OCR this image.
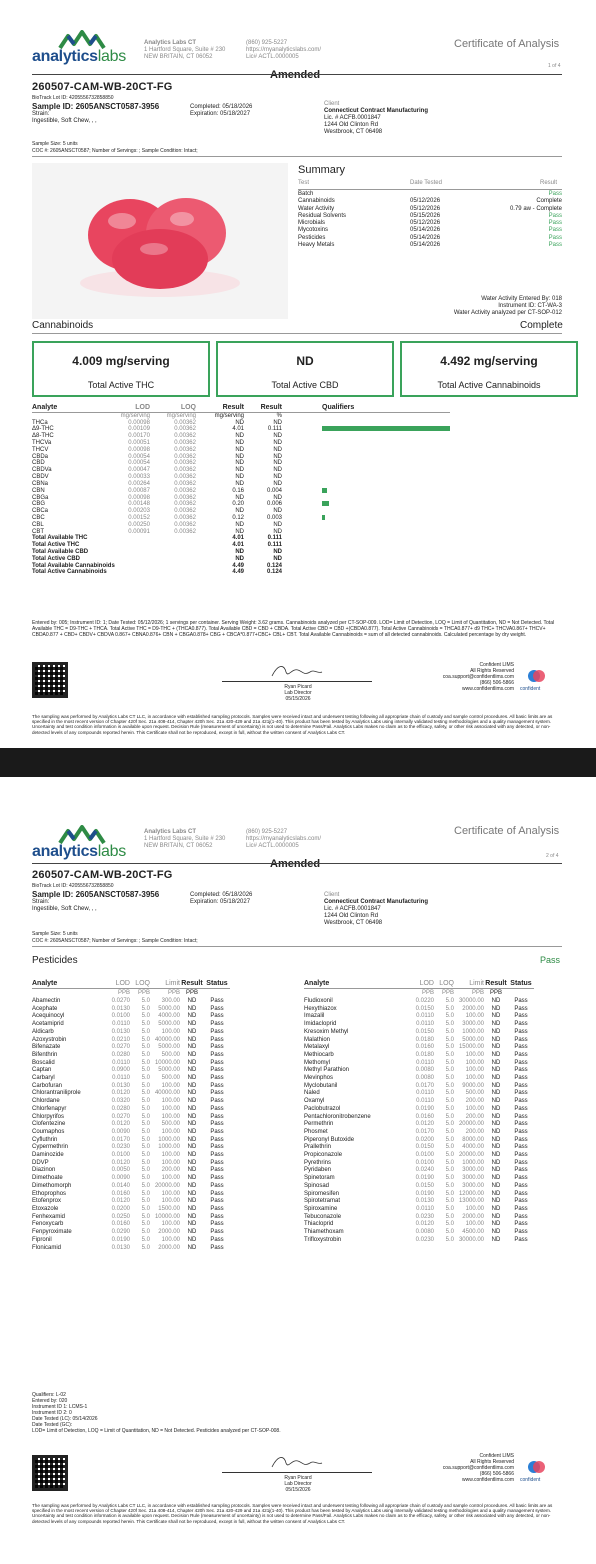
analyticslabs
Analytics Labs CT
1 Hartford Square, Suite # 230
NEW BRITAIN, CT 06052
(860) 925-5227
https://myanalyticslabs.com/
Lic# ACTL.0000005
Certificate of Analysis
1 of 4
Amended
260507-CAM-WB-20CT-FG
BioTrack Lot ID: 4205556732858850
Sample ID: 2605ANSCT0587-3956	Completed: 05/18/2026
Expiration: 05/18/2027
Strain:
Ingestible, Soft Chew, , ,
Client
Connecticut Contract Manufacturing
Lic. # ACFB.0001847
1244 Old Clinton Rd
Westbrook, CT 06498
Sample Size: 5 units
COC #: 2605ANSCT0587; Number of Servings: ; Sample Condition: Intact;
Summary
Test	Date Tested	Result
Batch		Pass
Cannabinoids	05/12/2026	Complete
Water Activity	05/12/2026	0.79 aw - Complete
Residual Solvents	05/15/2026	Pass
Microbials	05/12/2026	Pass
Mycotoxins	05/14/2026	Pass
Pesticides	05/14/2026	Pass
Heavy Metals	05/14/2026	Pass
Water Activity Entered By: 018
Instrument ID: CT-WA-3
Water Activity analyzed per CT-SOP-012
Cannabinoids	Complete
4.009 mg/serving
Total Active THC
ND
Total Active CBD
4.492 mg/serving
Total Active Cannabinoids
Analyte	LOD	LOQ	Result	Result	Qualifiers
	mg/serving	mg/serving	mg/serving	%	
THCa	0.00098	0.00362	ND	ND	
Δ9-THC	0.00109	0.00362	4.01	0.111	
Δ8-THC	0.00170	0.00362	ND	ND	
THCVa	0.00051	0.00362	ND	ND	
THCV	0.00098	0.00362	ND	ND	
CBDa	0.00054	0.00362	ND	ND	
CBD	0.00054	0.00362	ND	ND	
CBDVa	0.00047	0.00362	ND	ND	
CBDV	0.00033	0.00362	ND	ND	
CBNa	0.00264	0.00362	ND	ND	
CBN	0.00087	0.00362	0.16	0.004	
CBGa	0.00098	0.00362	ND	ND	
CBG	0.00148	0.00362	0.20	0.006	
CBCa	0.00203	0.00362	ND	ND	
CBC	0.00152	0.00362	0.12	0.003	
CBL	0.00250	0.00362	ND	ND	
CBT	0.00091	0.00362	ND	ND	
Total Available THC			4.01	0.111	
Total Active THC			4.01	0.111	
Total Available CBD			ND	ND	
Total Active CBD			ND	ND	
Total Available Cannabinoids			4.49	0.124	
Total Active Cannabinoids			4.49	0.124	
Entered by: 005; Instrument ID: 1; Date Tested: 05/12/2026; 1 servings per container. Serving Weight: 3.62 grams. Cannabinoids analyzed per CT-SOP-009. LOD= Limit of Detection, LOQ = Limit of Quantitation, ND = Not Detected. Total Available THC = D9-THC + THCA. Total Active THC = D9-THC + (THCA0.877). Total Available CBD = CBD + CBDA. Total Active CBD = CBD +(CBDA0.877). Total Active Cannabinoids = THCA0.877+ d9 THC+ THCVA0.867+ THCV+ CBDA0.877 + CBD+ CBDV+ CBDVA 0.867+ CBNA0.876+ CBN + CBGA0.878+ CBG + CBCA*0.877+CBC+ CBL+ CBT. Total Available Cannabinoids = sum of all detected cannabinoids. Calculated percentage by dry weight.
Ryan Picard
Lab Director
05/15/2026
Confident LIMS
All Rights Reserved
coa.support@confidentlims.com
(866) 506-5866
www.confidentlims.com confident
The sampling was performed by Analytics Labs CT LLC, in accordance with established sampling protocols. Samples were received intact and underwent testing following all appropriate chain of custody and sample control procedures. All basic limits are as specified in the most recent version of Chapter 420f Sec. 21a 408-414, Chapter 420h Sec. 21a 420-429 and 21a 421j(1-40). This product has been tested by Analytics Labs using internally validated testing methodologies and a quality management system. Uncertainty and test condition information is available upon request. Decision Rule (measurement of uncertainty) is not used to determine Pass/Fail. Analytics Labs makes no claim as to the efficacy, safety, or other risk associated with any detected, or non-detected levels of any compounds reported herein. This Certificate shall not be reproduced, except in full, without the written consent of Analytics Labs CT.
analyticslabs
Analytics Labs CT
1 Hartford Square, Suite # 230
NEW BRITAIN, CT 06052
(860) 925-5227
https://myanalyticslabs.com/
Lic# ACTL.0000005
Certificate of Analysis
2 of 4
Amended
260507-CAM-WB-20CT-FG
BioTrack Lot ID: 4205556732858850
Sample ID: 2605ANSCT0587-3956	Completed: 05/18/2026
Expiration: 05/18/2027
Strain:
Ingestible, Soft Chew, , ,
Client
Connecticut Contract Manufacturing
Lic. # ACFB.0001847
1244 Old Clinton Rd
Westbrook, CT 06498
Sample Size: 5 units
COC #: 2605ANSCT0587; Number of Servings: ; Sample Condition: Intact;
Pesticides	Pass
Analyte	LOD	LOQ	Limit	Result	Status
	PPB	PPB	PPB	PPB	
Abamectin	0.0270	5.0	300.00	ND	Pass
Acephate	0.0130	5.0	5000.00	ND	Pass
Acequinocyl	0.0100	5.0	4000.00	ND	Pass
Acetamiprid	0.0110	5.0	5000.00	ND	Pass
Aldicarb	0.0130	5.0	100.00	ND	Pass
Azoxystrobin	0.0210	5.0	40000.00	ND	Pass
Bifenazate	0.0270	5.0	5000.00	ND	Pass
Bifenthrin	0.0280	5.0	500.00	ND	Pass
Boscalid	0.0110	5.0	10000.00	ND	Pass
Captan	0.0900	5.0	5000.00	ND	Pass
Carbaryl	0.0110	5.0	500.00	ND	Pass
Carbofuran	0.0130	5.0	100.00	ND	Pass
Chlorantraniliprole	0.0120	5.0	40000.00	ND	Pass
Chlordane	0.0320	5.0	100.00	ND	Pass
Chlorfenapyr	0.0280	5.0	100.00	ND	Pass
Chlorpyrifos	0.0270	5.0	100.00	ND	Pass
Clofentezine	0.0120	5.0	500.00	ND	Pass
Coumaphos	0.0090	5.0	100.00	ND	Pass
Cyfluthrin	0.0170	5.0	1000.00	ND	Pass
Cypermethrin	0.0230	5.0	1000.00	ND	Pass
Daminozide	0.0100	5.0	100.00	ND	Pass
DDVP	0.0120	5.0	100.00	ND	Pass
Diazinon	0.0050	5.0	200.00	ND	Pass
Dimethoate	0.0090	5.0	100.00	ND	Pass
Dimethomorph	0.0140	5.0	20000.00	ND	Pass
Ethoprophos	0.0160	5.0	100.00	ND	Pass
Etofenprox	0.0120	5.0	100.00	ND	Pass
Etoxazole	0.0200	5.0	1500.00	ND	Pass
Fenhexamid	0.0250	5.0	10000.00	ND	Pass
Fenoxycarb	0.0160	5.0	100.00	ND	Pass
Fenpyroximate	0.0290	5.0	2000.00	ND	Pass
Fipronil	0.0190	5.0	100.00	ND	Pass
Flonicamid	0.0130	5.0	2000.00	ND	Pass
Analyte	LOD	LOQ	Limit	Result	Status
	PPB	PPB	PPB	PPB	
Fludioxonil	0.0220	5.0	30000.00	ND	Pass
Hexythiazox	0.0150	5.0	2000.00	ND	Pass
Imazalil	0.0110	5.0	100.00	ND	Pass
Imidacloprid	0.0110	5.0	3000.00	ND	Pass
Kresoxim Methyl	0.0150	5.0	1000.00	ND	Pass
Malathion	0.0180	5.0	5000.00	ND	Pass
Metalaxyl	0.0160	5.0	15000.00	ND	Pass
Methiocarb	0.0180	5.0	100.00	ND	Pass
Methomyl	0.0110	5.0	100.00	ND	Pass
Methyl Parathion	0.0080	5.0	100.00	ND	Pass
Mevinphos	0.0080	5.0	100.00	ND	Pass
Myclobutanil	0.0170	5.0	9000.00	ND	Pass
Naled	0.0110	5.0	500.00	ND	Pass
Oxamyl	0.0110	5.0	200.00	ND	Pass
Paclobutrazol	0.0190	5.0	100.00	ND	Pass
Pentachloronitrobenzene	0.0160	5.0	200.00	ND	Pass
Permethrin	0.0120	5.0	20000.00	ND	Pass
Phosmet	0.0170	5.0	200.00	ND	Pass
Piperonyl Butoxide	0.0200	5.0	8000.00	ND	Pass
Prallethrin	0.0150	5.0	4000.00	ND	Pass
Propiconazole	0.0100	5.0	20000.00	ND	Pass
Pyrethrins	0.0100	5.0	1000.00	ND	Pass
Pyridaben	0.0240	5.0	3000.00	ND	Pass
Spinetoram	0.0190	5.0	3000.00	ND	Pass
Spinosad	0.0150	5.0	3000.00	ND	Pass
Spiromesifen	0.0190	5.0	12000.00	ND	Pass
Spirotetramat	0.0130	5.0	13000.00	ND	Pass
Spiroxamine	0.0110	5.0	100.00	ND	Pass
Tebuconazole	0.0230	5.0	2000.00	ND	Pass
Thiacloprid	0.0120	5.0	100.00	ND	Pass
Thiamethoxam	0.0080	5.0	4500.00	ND	Pass
Trifloxystrobin	0.0230	5.0	30000.00	ND	Pass
Qualifiers: L-02
Entered by: 020
Instrument ID 1: LCMS-1
Instrument ID 2: 0
Date Tested (LC): 05/14/2026
Date Tested (GC):
LOD= Limit of Detection, LOQ = Limit of Quantitation, ND = Not Detected. Pesticides analyzed per CT-SOP-008.
Ryan Picard
Lab Director
05/15/2026
Confident LIMS
All Rights Reserved
coa.support@confidentlims.com
(866) 506-5866
www.confidentlims.com confident
The sampling was performed by Analytics Labs CT LLC, in accordance with established sampling protocols. Samples were received intact and underwent testing following all appropriate chain of custody and sample control procedures. All basic limits are as specified in the most recent version of Chapter 420f Sec. 21a 408-414, Chapter 420h Sec. 21a 420-429 and 21a 421j(1-40). This product has been tested by Analytics Labs using internally validated testing methodologies and a quality management system. Uncertainty and test condition information is available upon request. Decision Rule (measurement of uncertainty) is not used to determine Pass/Fail. Analytics Labs makes no claim as to the efficacy, safety, or other risk associated with any detected, or non-detected levels of any compounds reported herein. This Certificate shall not be reproduced, except in full, without the written consent of Analytics Labs CT.
